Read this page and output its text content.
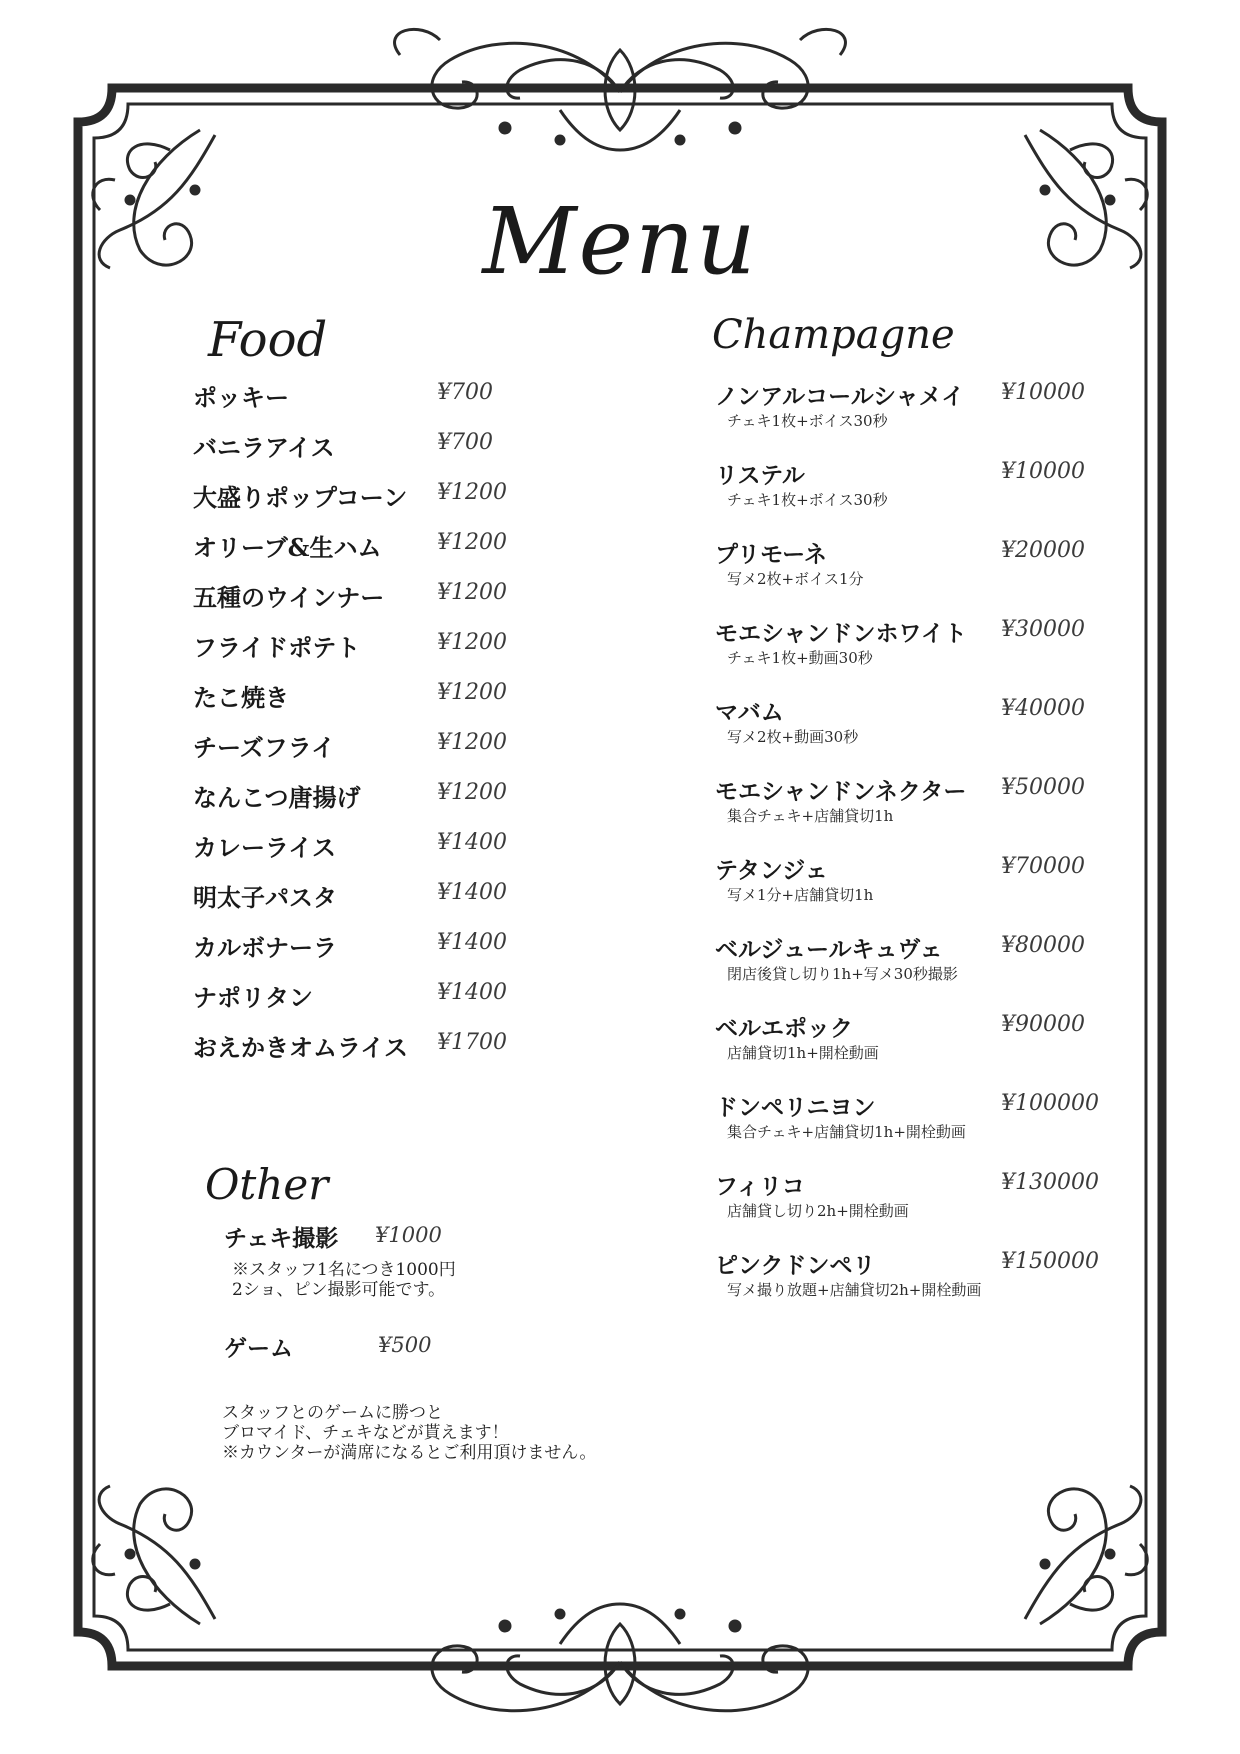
Menu
Food
ポッキー	¥700
バニラアイス	¥700
大盛りポップコーン ¥1200
オリーブ&生ハム	¥1200
五種のウインナー ¥1200
フライドポテト	¥1200
たこ焼き	¥1200
チーズフライ	¥1200
なんこつ唐揚げ	¥1200
カレーライス	¥1400
明太子パスタ	¥1400
カルボナーラ	¥1400
ナポリタン	¥1400
おえかきオムライス ¥1700
Champagne
ノンアルコールシャメイ ¥10000
チェキ1枚+ボイス30秒
リステル	¥10000
チェキ1枚+ボイス30秒
プリモーネ	¥20000
写メ2枚+ボイス1分
モエシャンドンホワイト ¥30000
チェキ1枚+動画30秒
マバム	¥40000
写メ2枚+動画30秒
モエシャンドンネクター ¥50000
集合チェキ+店舗貸切1h
テタンジェ	¥70000
写メ1分+店舗貸切1h
ベルジュールキュヴェ	¥80000
閉店後貸し切り1h+写メ30秒撮影
ベルエポック	¥90000
店舗貸切1h+開栓動画
ドンペリニヨン	¥100000
集合チェキ+店舗貸切1h+開栓動画
フィリコ	¥130000
店舗貸し切り2h+開栓動画
ピンクドンペリ	¥150000
写メ撮り放題+店舗貸切2h+開栓動画
Other
チェキ撮影 ¥1000
※スタッフ1名につき1000円
2ショ、ピン撮影可能です。
ゲーム	¥500
スタッフとのゲームに勝つと
ブロマイド、チェキなどが貰えます！
※カウンターが満席になるとご利用頂けません。
